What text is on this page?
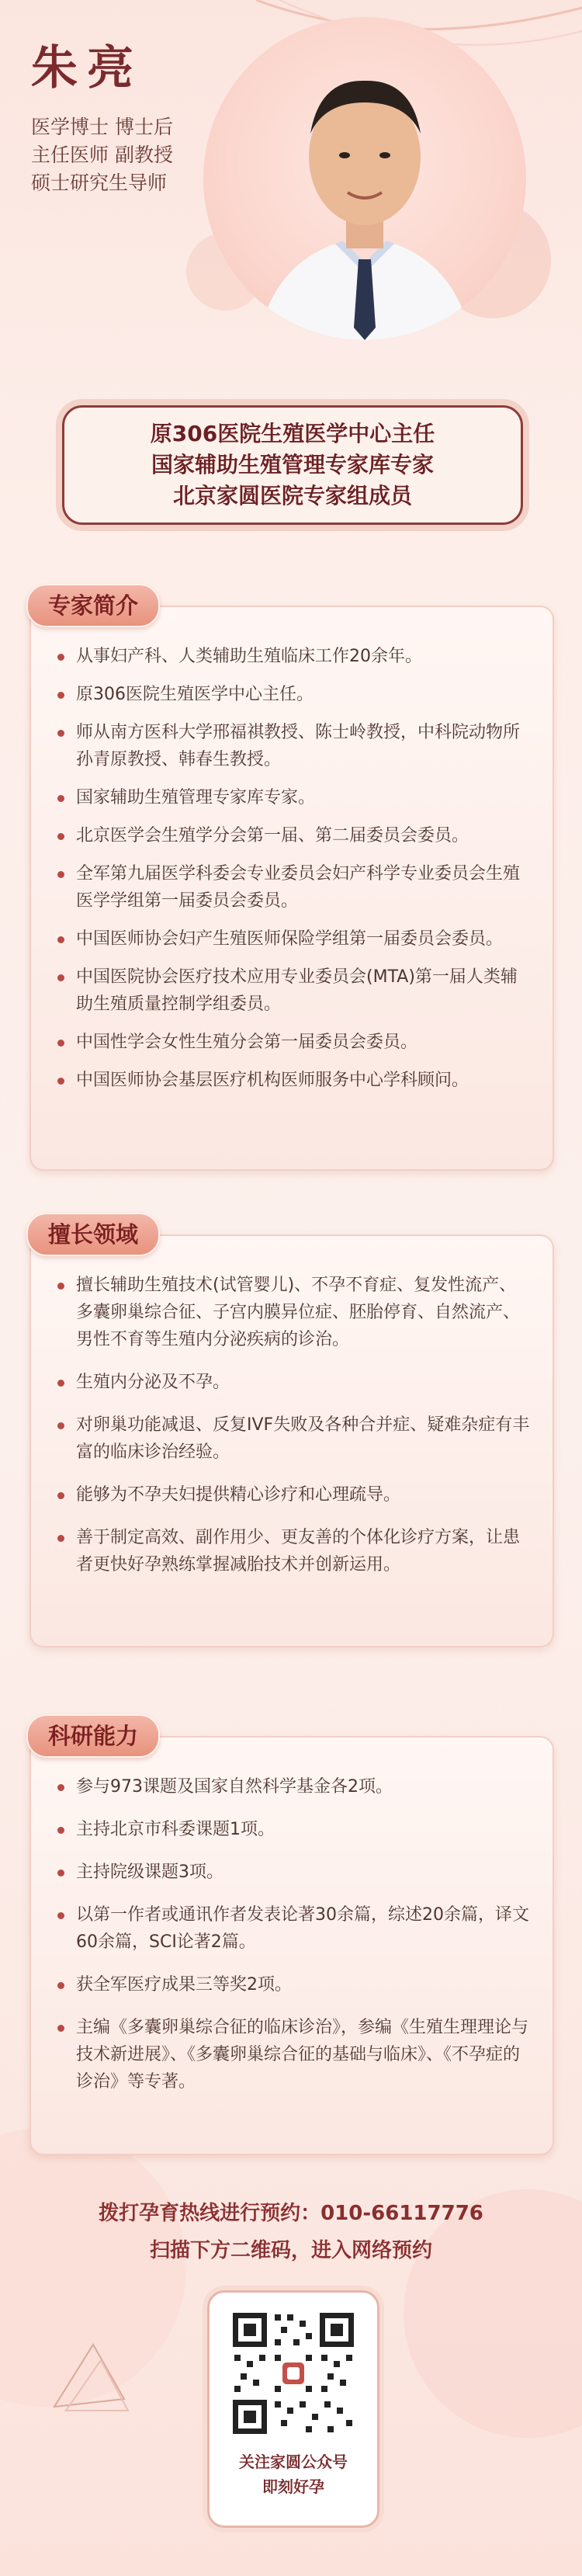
朱亮
医学博士 博士后
主任医师 副教授
硕士研究生导师
原306医院生殖医学中心主任
国家辅助生殖管理专家库专家
北京家圆医院专家组成员
从事妇产科、人类辅助生殖临床工作20余年。
原306医院生殖医学中心主任。
师从南方医科大学邢福祺教授、陈士岭教授，中科院动物所孙青原教授、韩春生教授。
国家辅助生殖管理专家库专家。
北京医学会生殖学分会第一届、第二届委员会委员。
全军第九届医学科委会专业委员会妇产科学专业委员会生殖医学学组第一届委员会委员。
中国医师协会妇产生殖医师保险学组第一届委员会委员。
中国医院协会医疗技术应用专业委员会(MTA)第一届人类辅助生殖质量控制学组委员。
中国性学会女性生殖分会第一届委员会委员。
中国医师协会基层医疗机构医师服务中心学科顾问。
专家简介
擅长辅助生殖技术(试管婴儿)、不孕不育症、复发性流产、多囊卵巢综合征、子宫内膜异位症、胚胎停育、自然流产、男性不育等生殖内分泌疾病的诊治。
生殖内分泌及不孕。
对卵巢功能减退、反复IVF失败及各种合并症、疑难杂症有丰富的临床诊治经验。
能够为不孕夫妇提供精心诊疗和心理疏导。
善于制定高效、副作用少、更友善的个体化诊疗方案，让患者更快好孕熟练掌握减胎技术并创新运用。
擅长领域
参与973课题及国家自然科学基金各2项。
主持北京市科委课题1项。
主持院级课题3项。
以第一作者或通讯作者发表论著30余篇，综述20余篇，译文60余篇，SCI论著2篇。
获全军医疗成果三等奖2项。
主编《多囊卵巢综合征的临床诊治》，参编《生殖生理理论与技术新进展》、《多囊卵巢综合征的基础与临床》、《不孕症的诊治》等专著。
科研能力
拨打孕育热线进行预约：010-66117776
扫描下方二维码，进入网络预约
关注家圆公众号
即刻好孕
